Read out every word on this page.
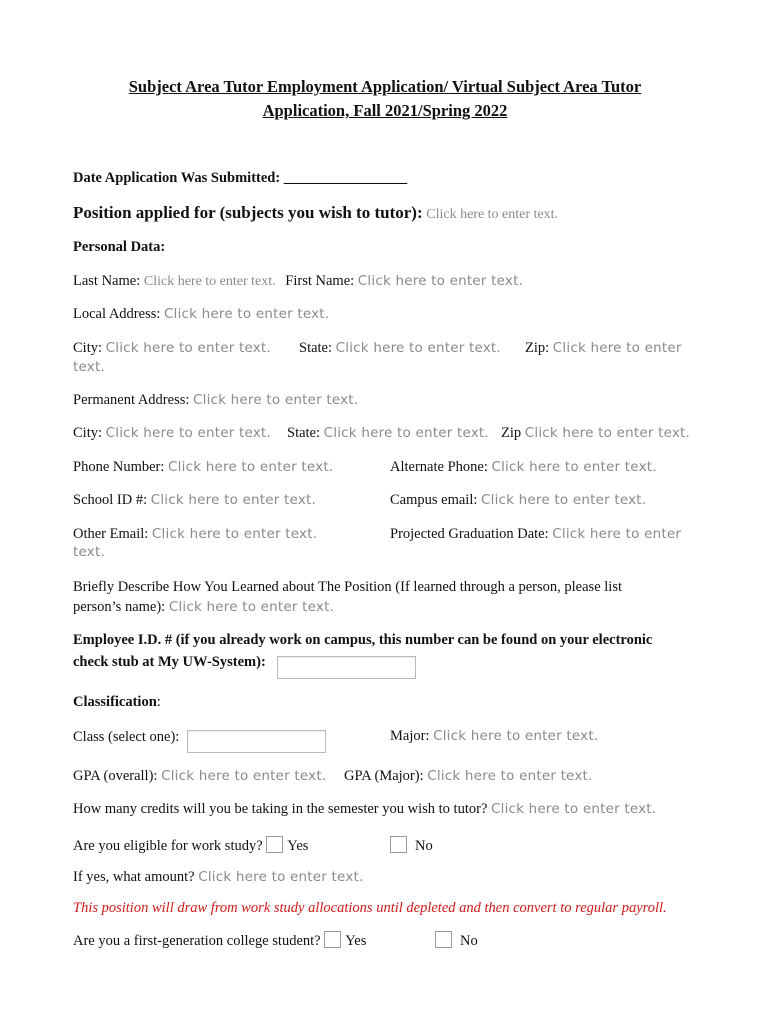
Subject Area Tutor Employment Application/ Virtual Subject Area Tutor
Application, Fall 2021/Spring 2022
Date Application Was Submitted: _________________
Position applied for (subjects you wish to tutor): Click here to enter text.
Personal Data:
Last Name: Click here to enter text. First Name: Click here to enter text.
Local Address: Click here to enter text.
City: Click here to enter text. State: Click here to enter text. Zip: Click here to enter
text.
Permanent Address: Click here to enter text.
City: Click here to enter text. State: Click here to enter text. Zip Click here to enter text.
Phone Number: Click here to enter text.	Alternate Phone: Click here to enter text.
School ID #: Click here to enter text.	Campus email: Click here to enter text.
Other Email: Click here to enter text.	Projected Graduation Date: Click here to enter
text.
Briefly Describe How You Learned about The Position (If learned through a person, please list
person’s name): Click here to enter text.
Employee I.D. # (if you already work on campus, this number can be found on your electronic
check stub at My UW-System):
Classification:
Class (select one):	Major: Click here to enter text.
GPA (overall): Click here to enter text. GPA (Major): Click here to enter text.
How many credits will you be taking in the semester you wish to tutor? Click here to enter text.
Are you eligible for work study? Yes	No
If yes, what amount? Click here to enter text.
This position will draw from work study allocations until depleted and then convert to regular payroll.
Are you a first-generation college student? Yes	No
